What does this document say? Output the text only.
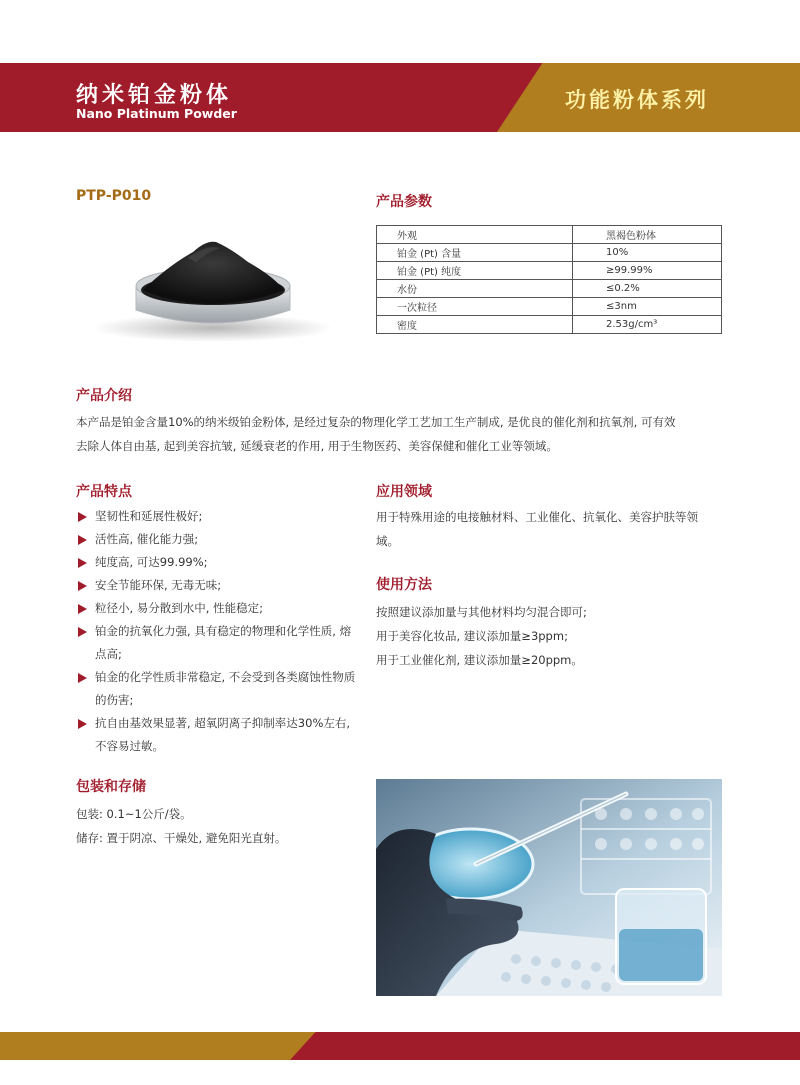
纳米铂金粉体
Nano Platinum Powder
功能粉体系列
PTP-P010	产品参数
外观	黑褐色粉体
铂金 (Pt) 含量	10%
铂金 (Pt) 纯度	≥99.99%
水份	≤0.2%
一次粒径	≤3nm
密度	2.53g/cm³
产品介绍
本产品是铂金含量10%的纳米级铂金粉体, 是经过复杂的物理化学工艺加工生产制成, 是优良的催化剂和抗氧剂, 可有效
去除人体自由基, 起到美容抗皱, 延缓衰老的作用, 用于生物医药、美容保健和催化工业等领域。
产品特点
坚韧性和延展性极好;
活性高, 催化能力强;
纯度高, 可达99.99%;
安全节能环保, 无毒无味;
粒径小, 易分散到水中, 性能稳定;
铂金的抗氧化力强, 具有稳定的物理和化学性质, 熔点高;
铂金的化学性质非常稳定, 不会受到各类腐蚀性物质的伤害;
抗自由基效果显著, 超氧阴离子抑制率达30%左右, 不容易过敏。
应用领域
用于特殊用途的电接触材料、工业催化、抗氧化、美容护肤等领
域。
使用方法
按照建议添加量与其他材料均匀混合即可;
用于美容化妆品, 建议添加量≥3ppm;
用于工业催化剂, 建议添加量≥20ppm。
包装和存储
包装: 0.1~1公斤/袋。
储存: 置于阴凉、干燥处, 避免阳光直射。
